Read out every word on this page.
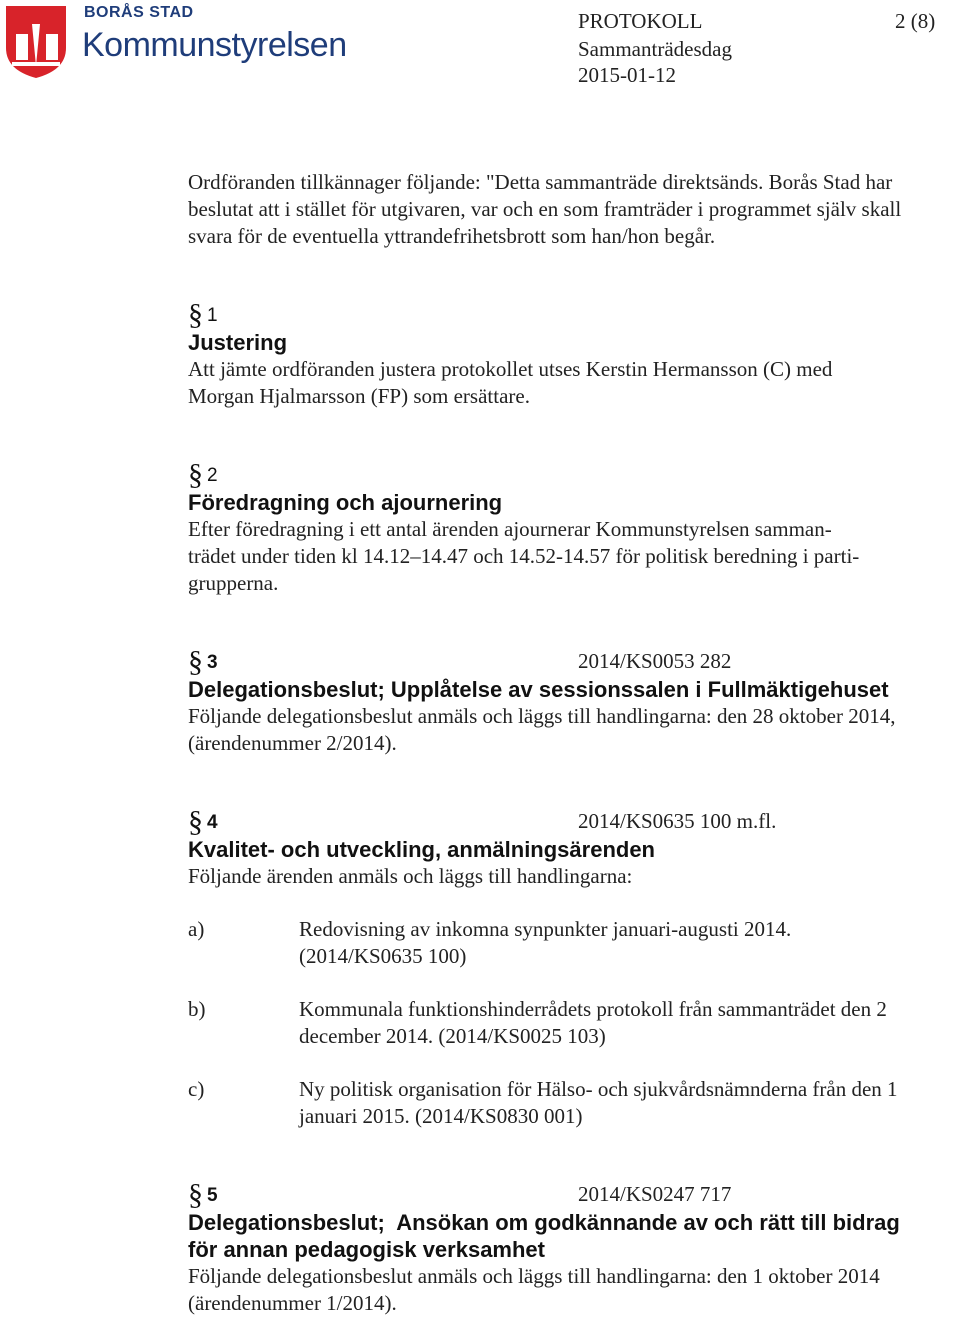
BORÅS STAD
Kommunstyrelsen
PROTOKOLL	2 (8)
Sammanträdesdag
2015-01-12
Ordföranden tillkännager följande: "Detta sammanträde direktsänds. Borås Stad har
beslutat att i stället för utgivaren, var och en som framträder i programmet själv skall
svara för de eventuella yttrandefrihetsbrott som han/hon begår.
§ 1
Justering
Att jämte ordföranden justera protokollet utses Kerstin Hermansson (C) med
Morgan Hjalmarsson (FP) som ersättare.
§ 2
Föredragning och ajournering
Efter föredragning i ett antal ärenden ajournerar Kommunstyrelsen samman-
trädet under tiden kl 14.12–14.47 och 14.52-14.57 för politisk beredning i parti-
grupperna.
§ 3	2014/KS0053 282
Delegationsbeslut; Upplåtelse av sessionssalen i Fullmäktigehuset
Följande delegationsbeslut anmäls och läggs till handlingarna: den 28 oktober 2014,
(ärendenummer 2/2014).
§ 4	2014/KS0635 100 m.fl.
Kvalitet- och utveckling, anmälningsärenden
Följande ärenden anmäls och läggs till handlingarna:
a)	Redovisning av inkomna synpunkter januari-augusti 2014.
(2014/KS0635 100)
b)	Kommunala funktionshinderrådets protokoll från sammanträdet den 2
december 2014. (2014/KS0025 103)
c)	Ny politisk organisation för Hälso- och sjukvårdsnämnderna från den 1
januari 2015. (2014/KS0830 001)
§ 5	2014/KS0247 717
Delegationsbeslut;  Ansökan om godkännande av och rätt till bidrag
för annan pedagogisk verksamhet
Följande delegationsbeslut anmäls och läggs till handlingarna: den 1 oktober 2014
(ärendenummer 1/2014).
